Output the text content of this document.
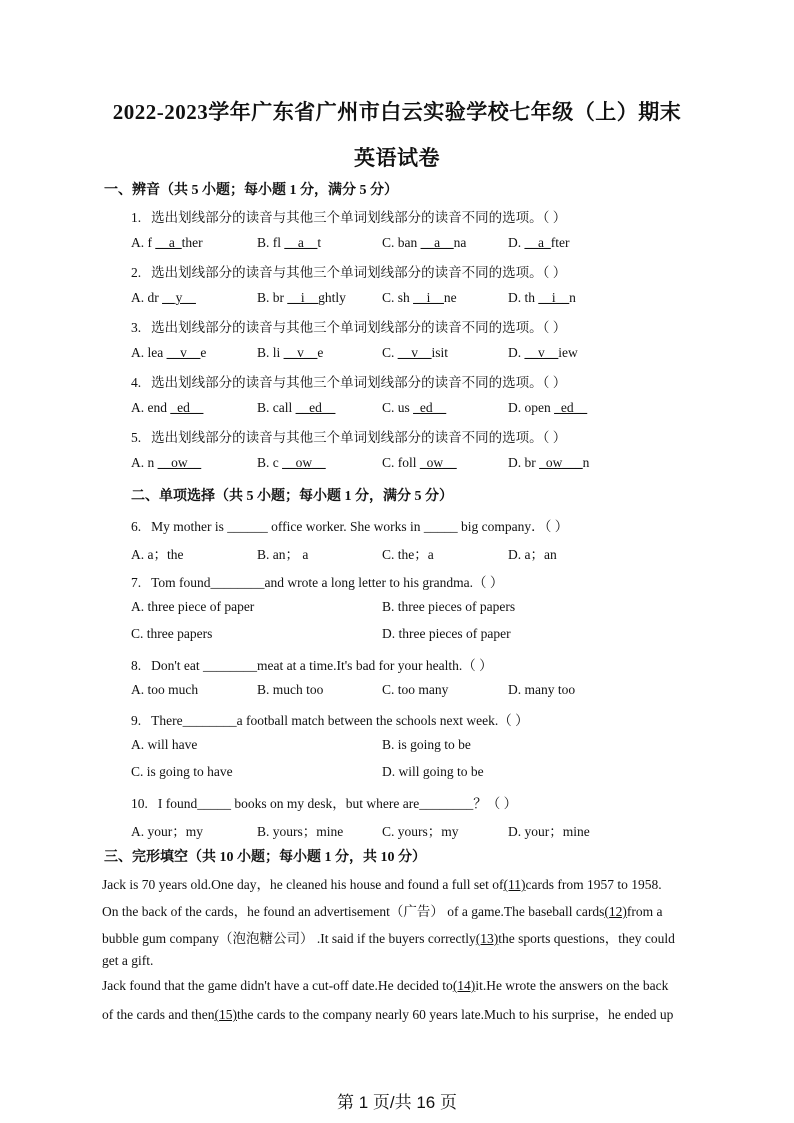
2022-2023学年广东省广州市白云实验学校七年级（上）期末
英语试卷
一、辨音（共 5 小题；每小题 1 分，满分 5 分）
1. 选出划线部分的读音与其他三个单词划线部分的读音不同的选项。（ ）
A. f __a_ther	B. fl __a__t	C. ban __a__na	D. __a_fter
2. 选出划线部分的读音与其他三个单词划线部分的读音不同的选项。（ ）
A. dr __y__	B. br __i__ghtly	C. sh __i__ne	D. th __i__n
3. 选出划线部分的读音与其他三个单词划线部分的读音不同的选项。（ ）
A. lea __v__e	B. li __v__e	C. __v__isit	D. __v__iew
4. 选出划线部分的读音与其他三个单词划线部分的读音不同的选项。（ ）
A. end _ed__	B. call __ed__	C. us _ed__	D. open _ed__
5. 选出划线部分的读音与其他三个单词划线部分的读音不同的选项。（ ）
A. n __ow__	B. c __ow__	C. foll _ow__	D. br _ow___n
二、单项选择（共 5 小题；每小题 1 分，满分 5 分）
6. My mother is ______ office worker. She works in _____ big company．（ ）
A. a；the	B. an； a	C. the；a	D. a；an
7. Tom found________and wrote a long letter to his grandma.（ ）
A. three piece of paper	B. three pieces of papers
C. three papers	D. three pieces of paper
8. Don't eat ________meat at a time.It's bad for your health.（ ）
A. too much	B. much too	C. too many	D. many too
9. There________a football match between the schools next week.（ ）
A. will have	B. is going to be
C. is going to have	D. will going to be
10. I found_____ books on my desk，but where are________？（ ）
A. your；my	B. yours；mine	C. yours；my	D. your；mine
三、完形填空（共 10 小题；每小题 1 分，共 10 分）
Jack is 70 years old.One day，he cleaned his house and found a full set of(11)cards from 1957 to 1958.
On the back of the cards，he found an advertisement（广告） of a game.The baseball cards(12)from a
bubble gum company（泡泡糖公司） .It said if the buyers correctly(13)the sports questions，they could
get a gift.
Jack found that the game didn't have a cut-off date.He decided to(14)it.He wrote the answers on the back
of the cards and then(15)the cards to the company nearly 60 years late.Much to his surprise，he ended up
第 1 页/共 16 页
